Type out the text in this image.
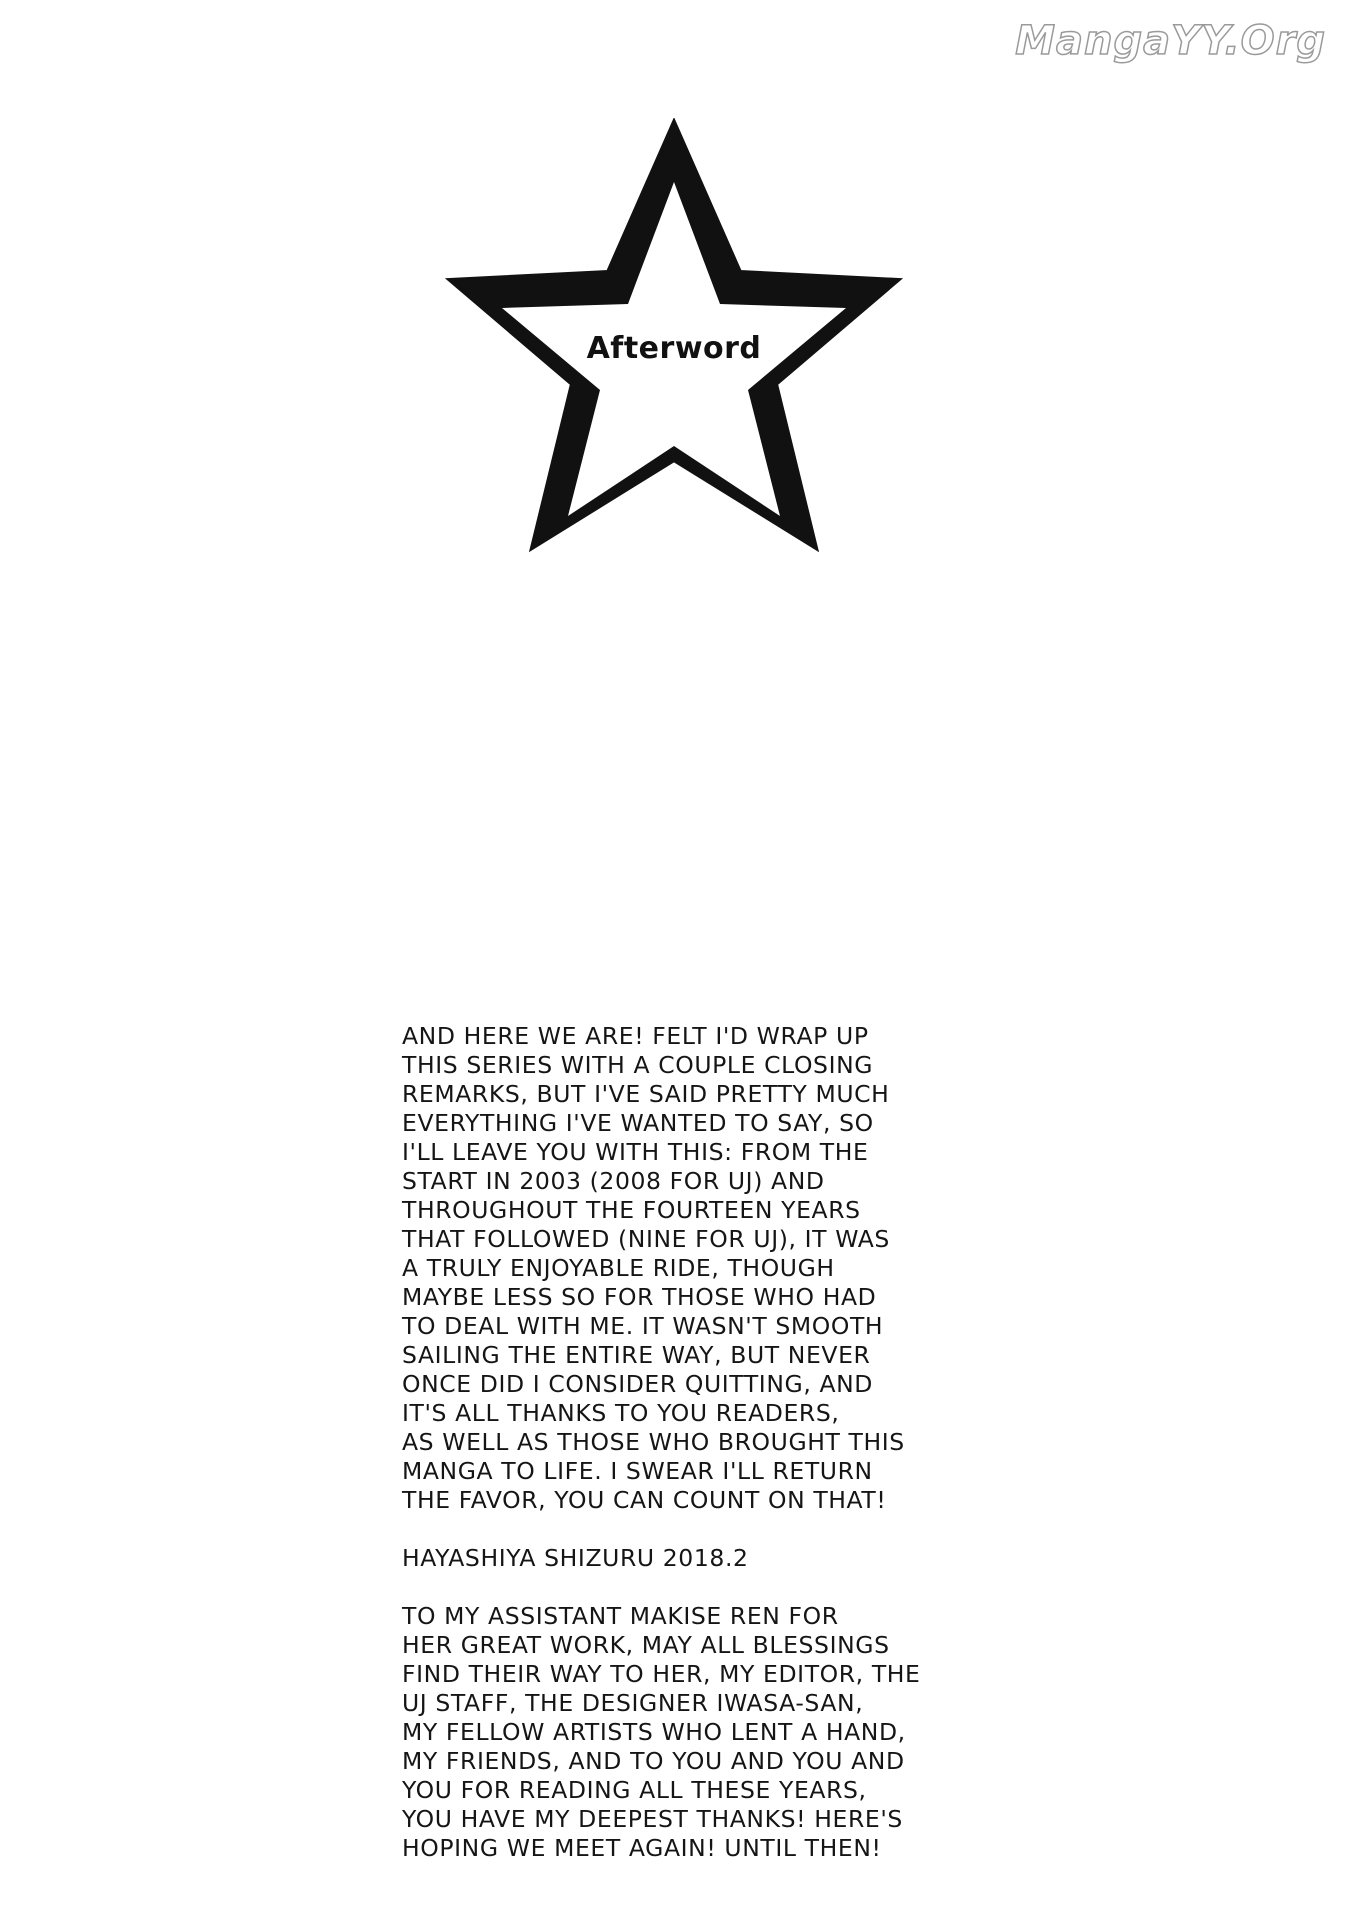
MangaYY.Org
Afterword

AND HERE WE ARE! FELT I'D WRAP UP
THIS SERIES WITH A COUPLE CLOSING
REMARKS, BUT I'VE SAID PRETTY MUCH
EVERYTHING I'VE WANTED TO SAY, SO
I'LL LEAVE YOU WITH THIS: FROM THE
START IN 2003 (2008 FOR UJ) AND
THROUGHOUT THE FOURTEEN YEARS
THAT FOLLOWED (NINE FOR UJ), IT WAS
A TRULY ENJOYABLE RIDE, THOUGH
MAYBE LESS SO FOR THOSE WHO HAD
TO DEAL WITH ME. IT WASN'T SMOOTH
SAILING THE ENTIRE WAY, BUT NEVER
ONCE DID I CONSIDER QUITTING, AND
IT'S ALL THANKS TO YOU READERS,
AS WELL AS THOSE WHO BROUGHT THIS
MANGA TO LIFE. I SWEAR I'LL RETURN
THE FAVOR, YOU CAN COUNT ON THAT!

HAYASHIYA SHIZURU 2018.2

TO MY ASSISTANT MAKISE REN FOR
HER GREAT WORK, MAY ALL BLESSINGS
FIND THEIR WAY TO HER, MY EDITOR, THE
UJ STAFF, THE DESIGNER IWASA-SAN,
MY FELLOW ARTISTS WHO LENT A HAND,
MY FRIENDS, AND TO YOU AND YOU AND
YOU FOR READING ALL THESE YEARS,
YOU HAVE MY DEEPEST THANKS! HERE'S
HOPING WE MEET AGAIN! UNTIL THEN!
